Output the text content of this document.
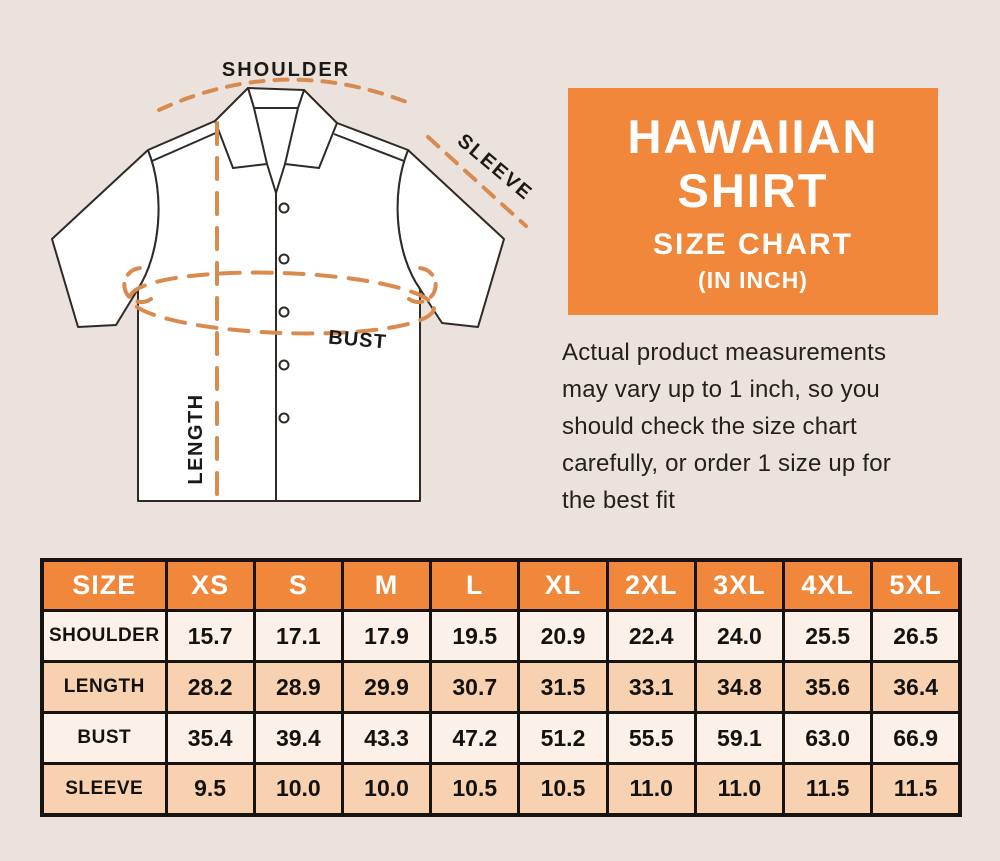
SHOULDER
SLEEVE
BUST
LENGTH
HAWAIIAN
SHIRT
SIZE CHART
(IN INCH)
Actual product measurements
may vary up to 1 inch, so you
should check the size chart
carefully, or order 1 size up for
the best fit
SIZE	XS	S	M	L	XL	2XL	3XL	4XL	5XL
SHOULDER	15.7	17.1	17.9	19.5	20.9	22.4	24.0	25.5	26.5
LENGTH	28.2	28.9	29.9	30.7	31.5	33.1	34.8	35.6	36.4
BUST	35.4	39.4	43.3	47.2	51.2	55.5	59.1	63.0	66.9
SLEEVE	9.5	10.0	10.0	10.5	10.5	11.0	11.0	11.5	11.5
